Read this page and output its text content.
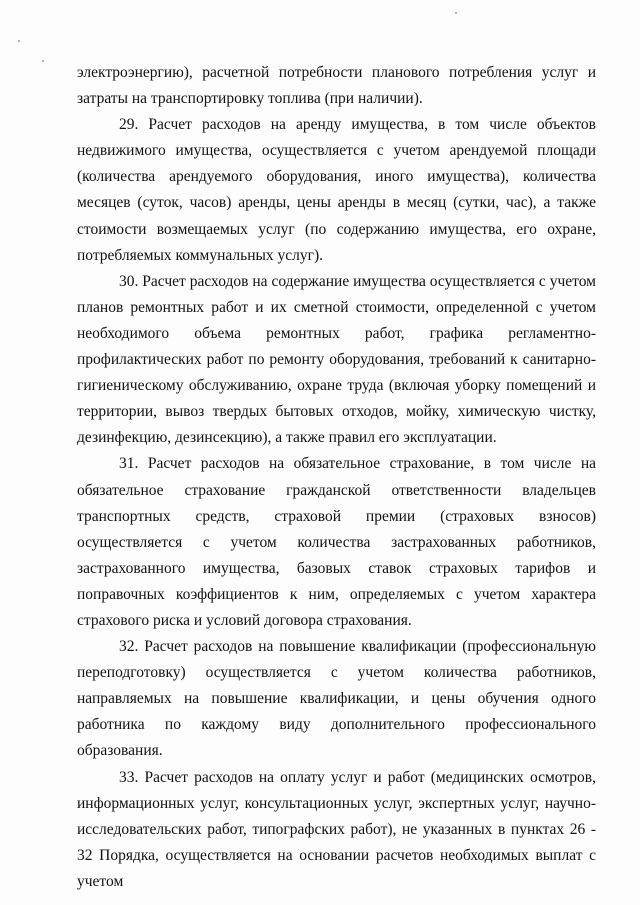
электроэнергию), расчетной потребности планового потребления услуг и затраты на транспортировку топлива (при наличии).

29. Расчет расходов на аренду имущества, в том числе объектов недвижимого имущества, осуществляется с учетом арендуемой площади (количества арендуемого оборудования, иного имущества), количества месяцев (суток, часов) аренды, цены аренды в месяц (сутки, час), а также стоимости возмещаемых услуг (по содержанию имущества, его охране, потребляемых коммунальных услуг).

30. Расчет расходов на содержание имущества осуществляется с учетом планов ремонтных работ и их сметной стоимости, определенной с учетом необходимого объема ремонтных работ, графика регламентно-профилактических работ по ремонту оборудования, требований к санитарно-гигиеническому обслуживанию, охране труда (включая уборку помещений и территории, вывоз твердых бытовых отходов, мойку, химическую чистку, дезинфекцию, дезинсекцию), а также правил его эксплуатации.

31. Расчет расходов на обязательное страхование, в том числе на обязательное страхование гражданской ответственности владельцев транспортных средств, страховой премии (страховых взносов) осуществляется с учетом количества застрахованных работников, застрахованного имущества, базовых ставок страховых тарифов и поправочных коэффициентов к ним, определяемых с учетом характера страхового риска и условий договора страхования.

32. Расчет расходов на повышение квалификации (профессиональную переподготовку) осуществляется с учетом количества работников, направляемых на повышение квалификации, и цены обучения одного работника по каждому виду дополнительного профессионального образования.

33. Расчет расходов на оплату услуг и работ (медицинских осмотров, информационных услуг, консультационных услуг, экспертных услуг, научно-исследовательских работ, типографских работ), не указанных в пунктах 26 - 32 Порядка, осуществляется на основании расчетов необходимых выплат с учетом
